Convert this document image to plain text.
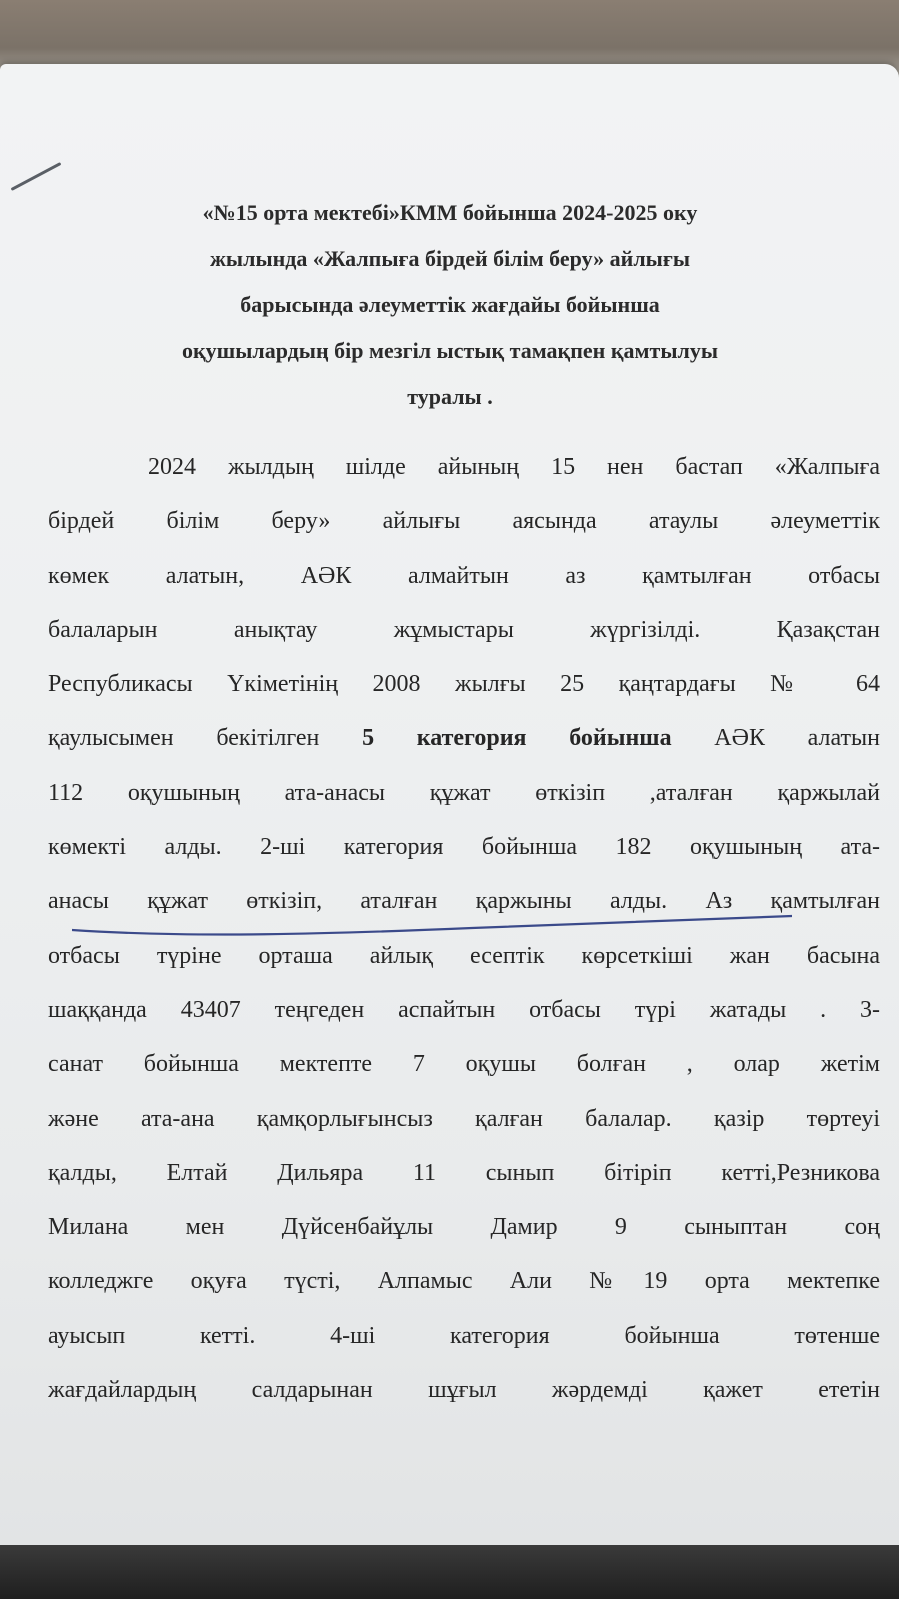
«№15 орта мектебі»КММ бойынша 2024-2025 оку
жылында «Жалпыға бірдей білім беру» айлығы
барысында әлеуметтік жағдайы бойынша
оқушылардың бір мезгіл ыстық тамақпен қамтылуы
туралы .
2024 жылдың шілде айының 15 нен бастап «Жалпыға
бірдей білім беру» айлығы аясында атаулы әлеуметтік
көмек алатын, АӘК алмайтын аз қамтылған отбасы
балаларын анықтау жұмыстары жүргізілді. Қазақстан
Республикасы Үкіметінің 2008 жылғы 25 қаңтардағы № 64
қаулысымен бекітілген 5 категория бойынша АӘК алатын
112 оқушының ата-анасы құжат өткізіп ,аталған қаржылай
көмекті алды. 2-ші категория бойынша 182 оқушының ата-
анасы құжат өткізіп, аталған қаржыны алды. Аз қамтылған
отбасы түріне орташа айлық есептік көрсеткіші жан басына
шаққанда 43407 теңгеден аспайтын отбасы түрі жатады . 3-
санат бойынша мектепте 7 оқушы болған , олар жетім
және ата-ана қамқорлығынсыз қалған балалар. қазір төртеуі
қалды, Елтай Дильяра 11 сынып бітіріп кетті,Резникова
Милана мен Дүйсенбайұлы Дамир 9 сыныптан соң
колледжге оқуға түсті, Алпамыс Али №19 орта мектепке
ауысып кетті. 4-ші категория бойынша төтенше
жағдайлардың салдарынан шұғыл жәрдемді қажет ететін
